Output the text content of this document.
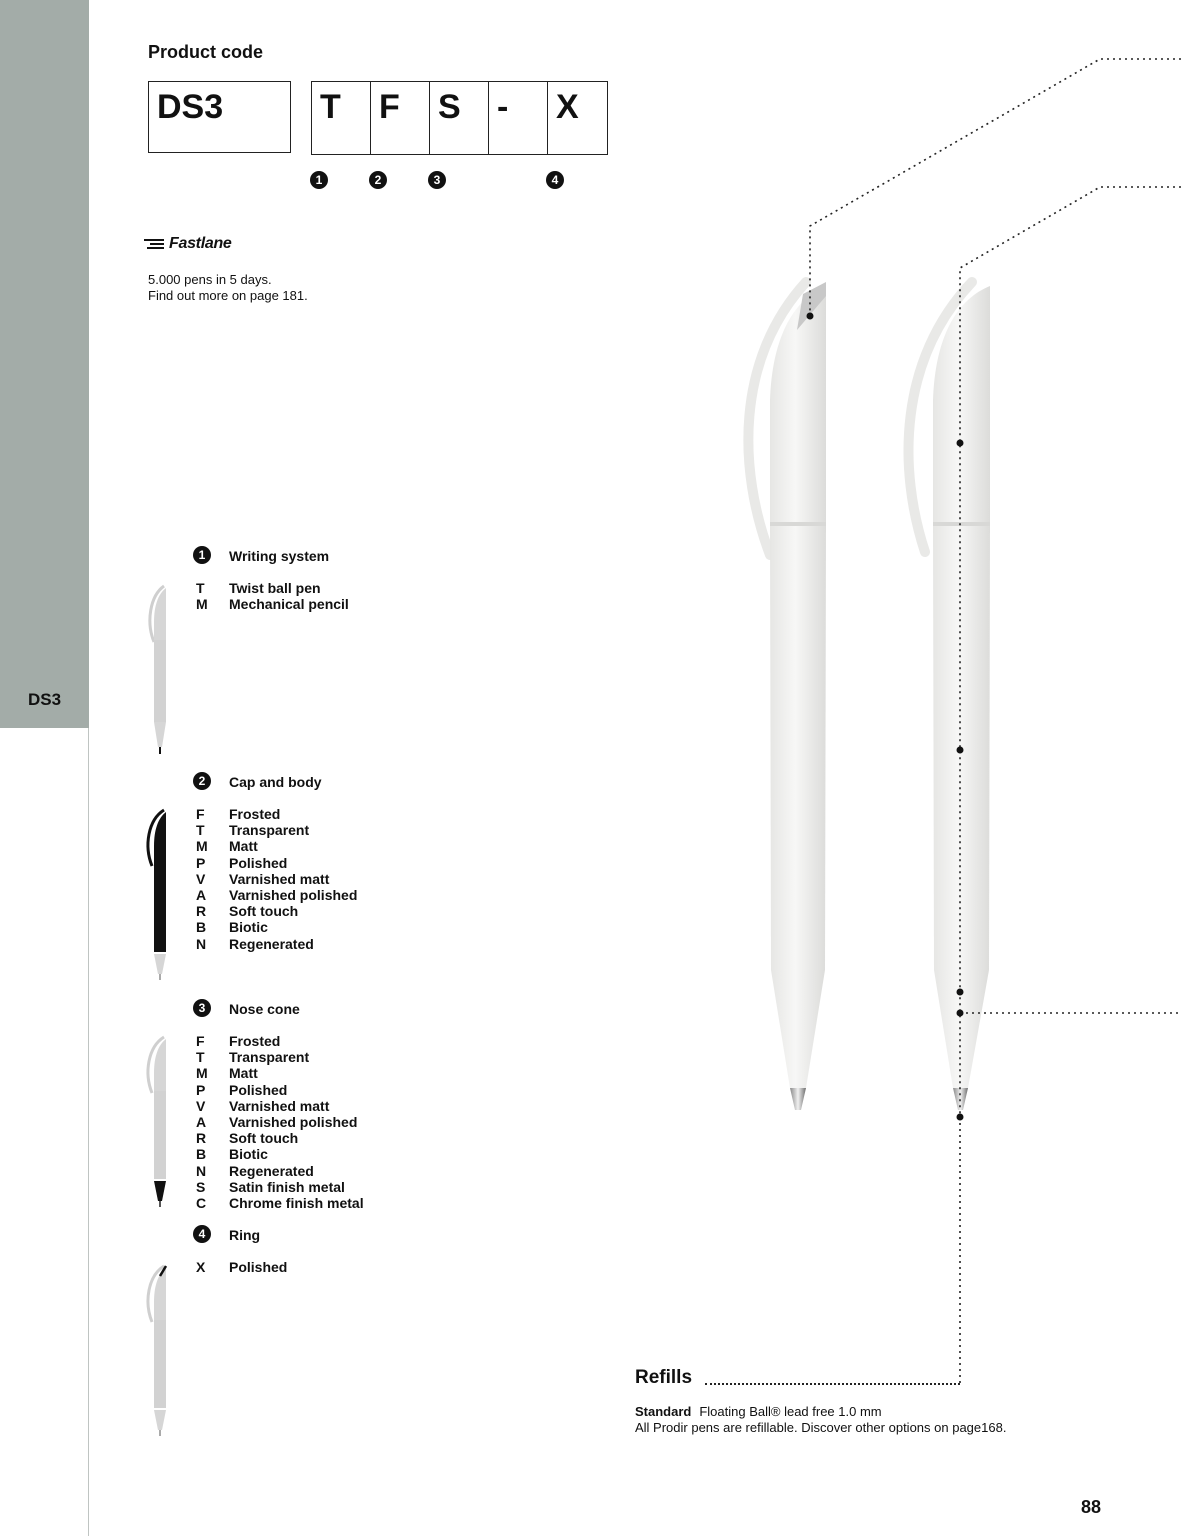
DS3
Product code
DS3	T	F	S	-	X
1	2	3	4
Fastlane
5.000 pens in 5 days.
Find out more on page 181.
1	Writing system
T	Twist ball pen
M	Mechanical pencil
2	Cap and body
F	Frosted
T	Transparent
M	Matt
P	Polished
V	Varnished matt
A	Varnished polished
R	Soft touch
B	Biotic
N	Regenerated
3	Nose cone
F	Frosted
T	Transparent
M	Matt
P	Polished
V	Varnished matt
A	Varnished polished
R	Soft touch
B	Biotic
N	Regenerated
S	Satin finish metal
C	Chrome finish metal
4	Ring
X	Polished
Refills
Standard Floating Ball® lead free 1.0 mm
All Prodir pens are refillable. Discover other options on page168.
88
